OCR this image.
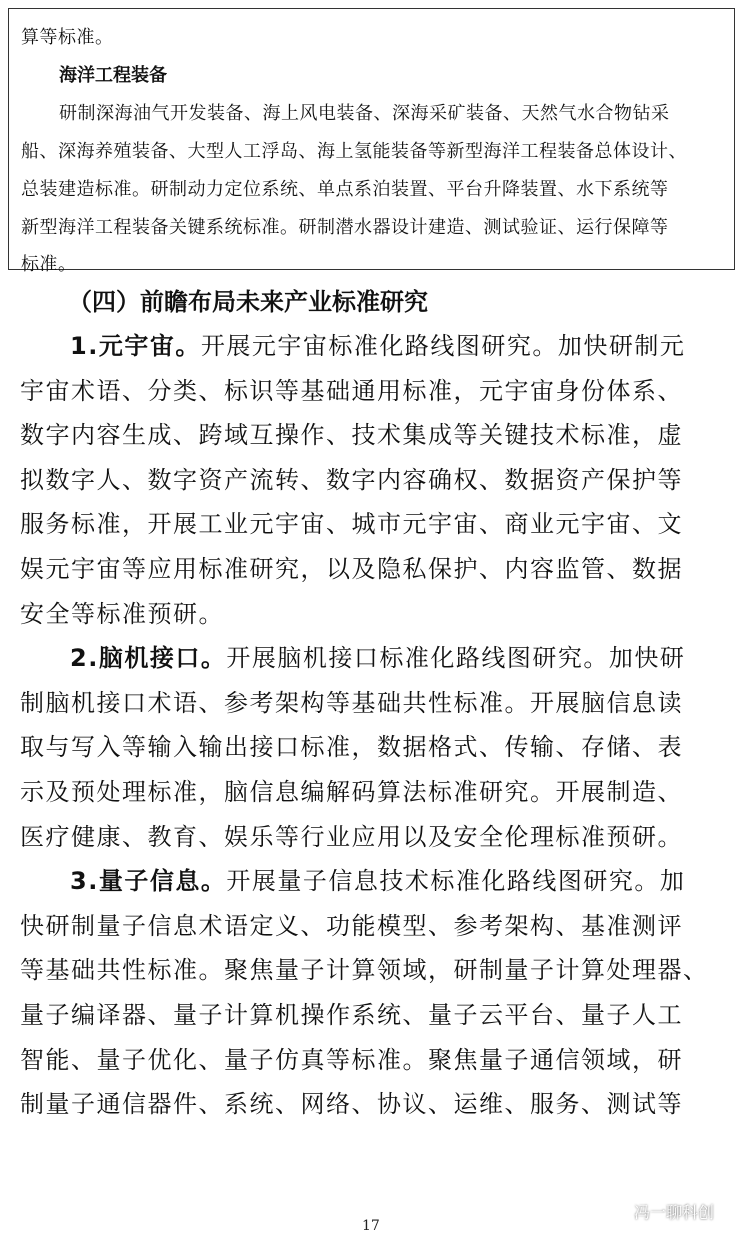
算等标准。
海洋工程装备
研制深海油气开发装备、海上风电装备、深海采矿装备、天然气水合物钻采
船、深海养殖装备、大型人工浮岛、海上氢能装备等新型海洋工程装备总体设计、
总装建造标准。研制动力定位系统、单点系泊装置、平台升降装置、水下系统等
新型海洋工程装备关键系统标准。研制潜水器设计建造、测试验证、运行保障等
标准。
（四）前瞻布局未来产业标准研究
1.元宇宙。开展元宇宙标准化路线图研究。加快研制元
宇宙术语、分类、标识等基础通用标准，元宇宙身份体系、
数字内容生成、跨域互操作、技术集成等关键技术标准，虚
拟数字人、数字资产流转、数字内容确权、数据资产保护等
服务标准，开展工业元宇宙、城市元宇宙、商业元宇宙、文
娱元宇宙等应用标准研究，以及隐私保护、内容监管、数据
安全等标准预研。
2.脑机接口。开展脑机接口标准化路线图研究。加快研
制脑机接口术语、参考架构等基础共性标准。开展脑信息读
取与写入等输入输出接口标准，数据格式、传输、存储、表
示及预处理标准，脑信息编解码算法标准研究。开展制造、
医疗健康、教育、娱乐等行业应用以及安全伦理标准预研。
3.量子信息。开展量子信息技术标准化路线图研究。加
快研制量子信息术语定义、功能模型、参考架构、基准测评
等基础共性标准。聚焦量子计算领域，研制量子计算处理器、
量子编译器、量子计算机操作系统、量子云平台、量子人工
智能、量子优化、量子仿真等标准。聚焦量子通信领域，研
制量子通信器件、系统、网络、协议、运维、服务、测试等
17
冯一聊科创
